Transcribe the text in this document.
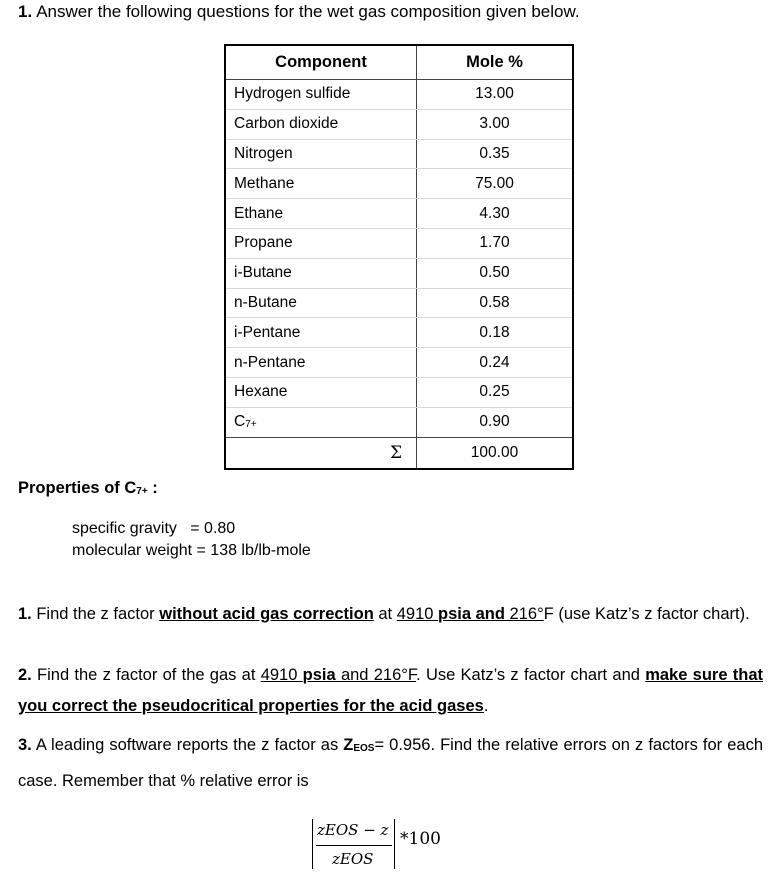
1. Answer the following questions for the wet gas composition given below.
Component	Mole %
Hydrogen sulfide	13.00
Carbon dioxide	3.00
Nitrogen	0.35
Methane	75.00
Ethane	4.30
Propane	1.70
i-Butane	0.50
n-Butane	0.58
i-Pentane	0.18
n-Pentane	0.24
Hexane	0.25
$C_{7+}$	0.90
Σ	100.00
Properties of $C_{7+}$ :
specific gravity   = 0.80
molecular weight = 138 lb/lb-mole
1. Find the z factor without acid gas correction at 4910 psia and 216°F (use Katz’s z factor chart).
2. Find the z factor of the gas at 4910 psia and 216°F. Use Katz’s z factor chart and make sure that you correct the pseudocritical properties for the acid gases.
3. A leading software reports the z factor as $Z_{EOS}= 0.956$. Find the relative errors on z factors for each case. Remember that % relative error is
zEOS − z
zEOS
*100
